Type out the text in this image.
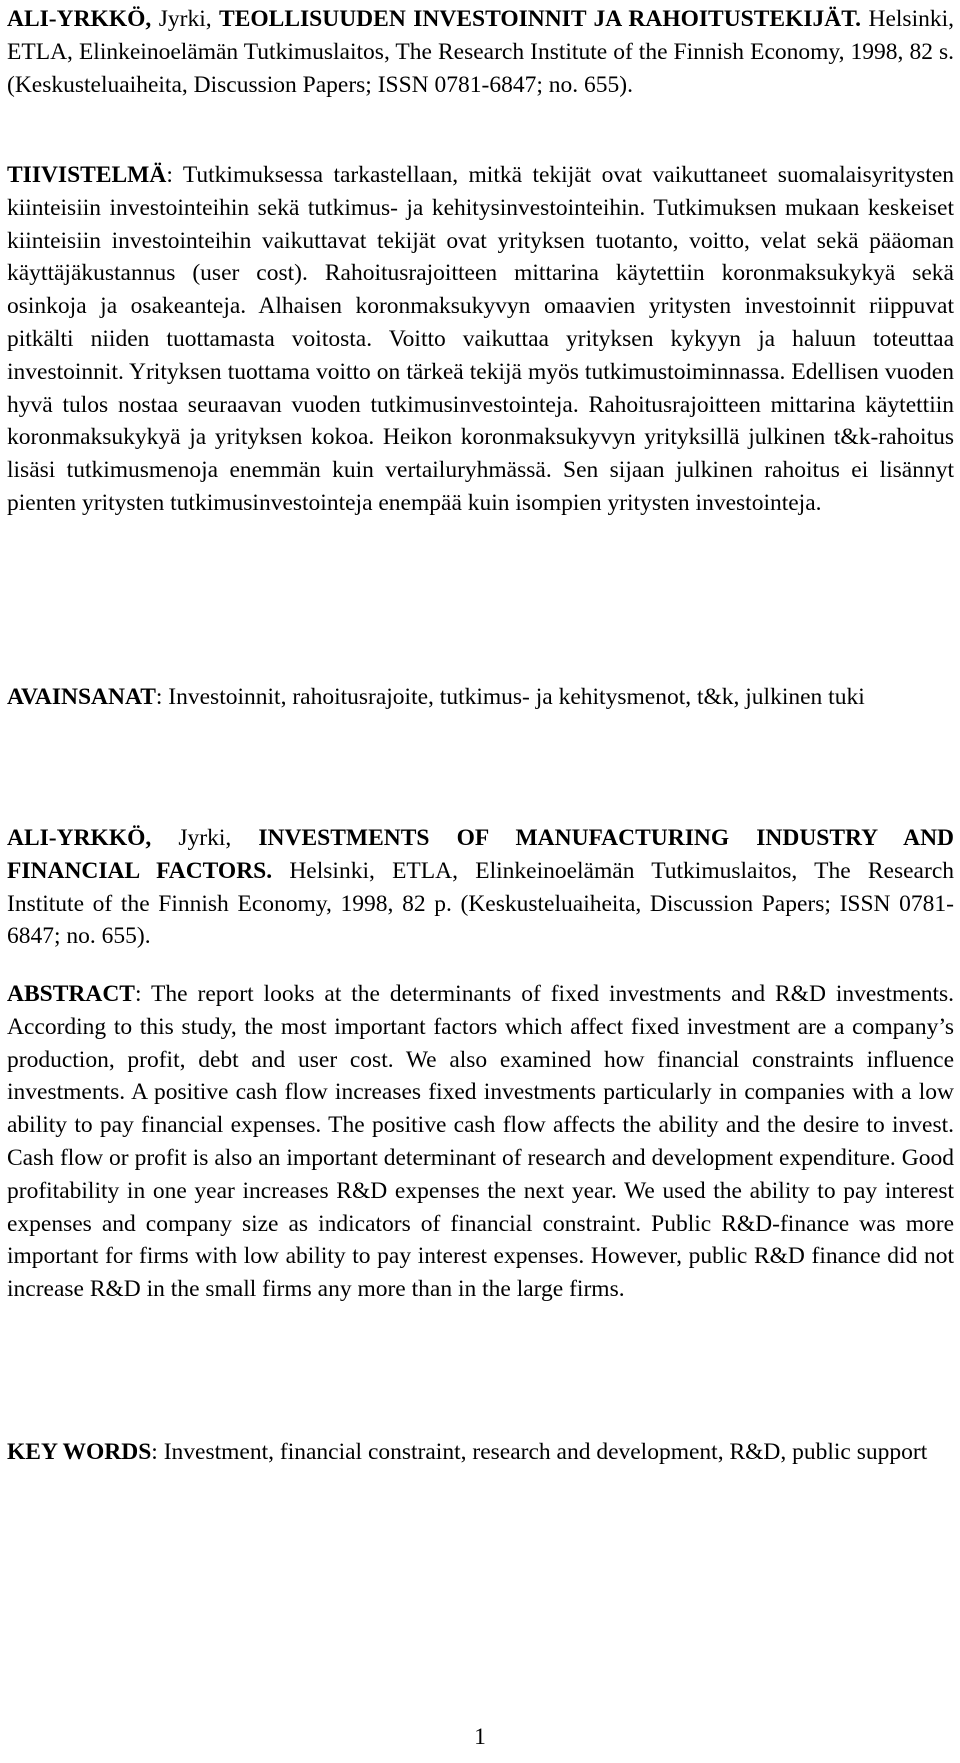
ALI-YRKKÖ, Jyrki, TEOLLISUUDEN INVESTOINNIT JA RAHOITUSTEKIJÄT. Helsinki, ETLA, Elinkeinoelämän Tutkimuslaitos, The Research Institute of the Finnish Economy, 1998, 82 s. (Keskusteluaiheita, Discussion Papers; ISSN 0781-6847; no. 655).

TIIVISTELMÄ: Tutkimuksessa tarkastellaan, mitkä tekijät ovat vaikuttaneet suomalaisyritysten kiinteisiin investointeihin sekä tutkimus- ja kehitysinvestointeihin. Tutkimuksen mukaan keskeiset kiinteisiin investointeihin vaikuttavat tekijät ovat yrityksen tuotanto, voitto, velat sekä pääoman käyttäjäkustannus (user cost). Rahoitusrajoitteen mittarina käytettiin koronmaksukykyä sekä osinkoja ja osakeanteja. Alhaisen koronmaksukyvyn omaavien yritysten investoinnit riippuvat pitkälti niiden tuottamasta voitosta. Voitto vaikuttaa yrityksen kykyyn ja haluun toteuttaa investoinnit. Yrityksen tuottama voitto on tärkeä tekijä myös tutkimustoiminnassa. Edellisen vuoden hyvä tulos nostaa seuraavan vuoden tutkimusinvestointeja. Rahoitusrajoitteen mittarina käytettiin koronmaksukykyä ja yrityksen kokoa. Heikon koronmaksukyvyn yrityksillä julkinen t&k-rahoitus lisäsi tutkimusmenoja enemmän kuin vertailuryhmässä. Sen sijaan julkinen rahoitus ei lisännyt pienten yritysten tutkimusinvestointeja enempää kuin isompien yritysten investointeja.

AVAINSANAT: Investoinnit, rahoitusrajoite, tutkimus- ja kehitysmenot, t&k, julkinen tuki

ALI-YRKKÖ, Jyrki, INVESTMENTS OF MANUFACTURING INDUSTRY AND FINANCIAL FACTORS. Helsinki, ETLA, Elinkeinoelämän Tutkimuslaitos, The Research Institute of the Finnish Economy, 1998, 82 p. (Keskusteluaiheita, Discussion Papers; ISSN 0781-6847; no. 655).

ABSTRACT: The report looks at the determinants of fixed investments and R&D investments. According to this study, the most important factors which affect fixed investment are a company’s production, profit, debt and user cost. We also examined how financial constraints influence investments. A positive cash flow increases fixed investments particularly in companies with a low ability to pay financial expenses. The positive cash flow affects the ability and the desire to invest. Cash flow or profit is also an important determinant of research and development expenditure. Good profitability in one year increases R&D expenses the next year. We used the ability to pay interest expenses and company size as indicators of financial constraint. Public R&D-finance was more important for firms with low ability to pay interest expenses. However, public R&D finance did not increase R&D in the small firms any more than in the large firms.

KEY WORDS: Investment, financial constraint, research and development, R&D, public support

1
